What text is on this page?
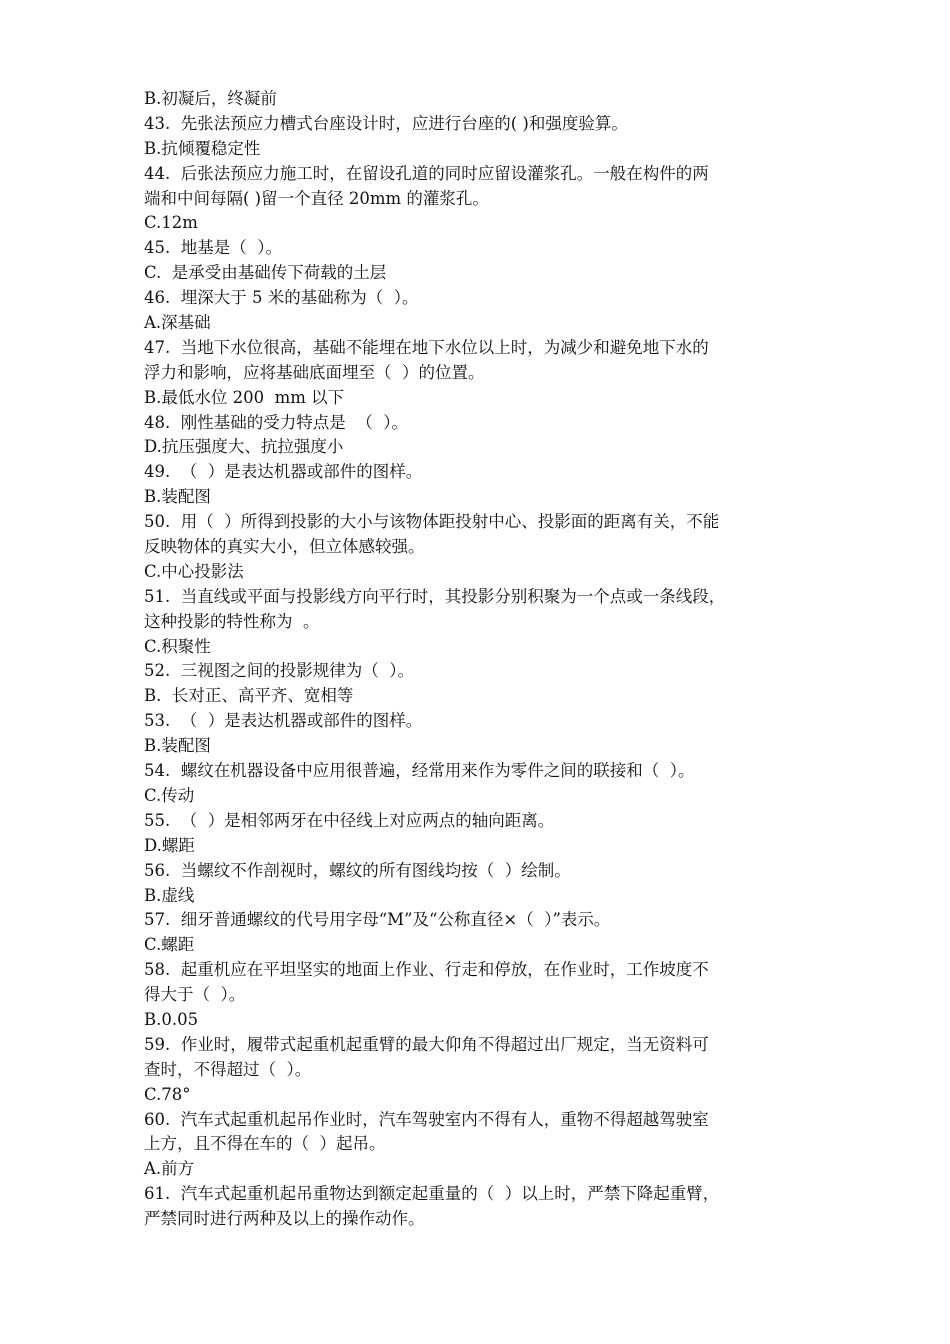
B.初凝后，终凝前
43.  先张法预应力槽式台座设计时，应进行台座的( )和强度验算。
B.抗倾覆稳定性
44.  后张法预应力施工时，在留设孔道的同时应留设灌浆孔。一般在构件的两
端和中间每隔( )留一个直径 20mm 的灌浆孔。
C.12m
45.  地基是（  ）。
C.  是承受由基础传下荷载的土层
46.  埋深大于 5 米的基础称为（  ）。
A.深基础
47.  当地下水位很高，基础不能埋在地下水位以上时，为减少和避免地下水的
浮力和影响，应将基础底面埋至（  ）的位置。
B.最低水位 200  mm 以下
48.  刚性基础的受力特点是  （  ）。
D.抗压强度大、抗拉强度小
49.  （  ）是表达机器或部件的图样。
B.装配图
50.  用（  ）所得到投影的大小与该物体距投射中心、投影面的距离有关，不能
反映物体的真实大小，但立体感较强。
C.中心投影法
51.  当直线或平面与投影线方向平行时，其投影分别积聚为一个点或一条线段，
这种投影的特性称为  。
C.积聚性
52.  三视图之间的投影规律为（  ）。
B.  长对正、高平齐、宽相等
53.  （  ）是表达机器或部件的图样。
B.装配图
54.  螺纹在机器设备中应用很普遍，经常用来作为零件之间的联接和（  ）。
C.传动
55.  （  ）是相邻两牙在中径线上对应两点的轴向距离。
D.螺距
56.  当螺纹不作剖视时，螺纹的所有图线均按（  ）绘制。
B.虚线
57.  细牙普通螺纹的代号用字母“M”及“公称直径×（  ）”表示。
C.螺距
58.  起重机应在平坦坚实的地面上作业、行走和停放，在作业时，工作坡度不
得大于（  ）。
B.0.05
59.  作业时，履带式起重机起重臂的最大仰角不得超过出厂规定，当无资料可
查时，不得超过（  ）。
C.78°
60.  汽车式起重机起吊作业时，汽车驾驶室内不得有人，重物不得超越驾驶室
上方，且不得在车的（  ）起吊。
A.前方
61.  汽车式起重机起吊重物达到额定起重量的（  ）以上时，严禁下降起重臂，
严禁同时进行两种及以上的操作动作。
